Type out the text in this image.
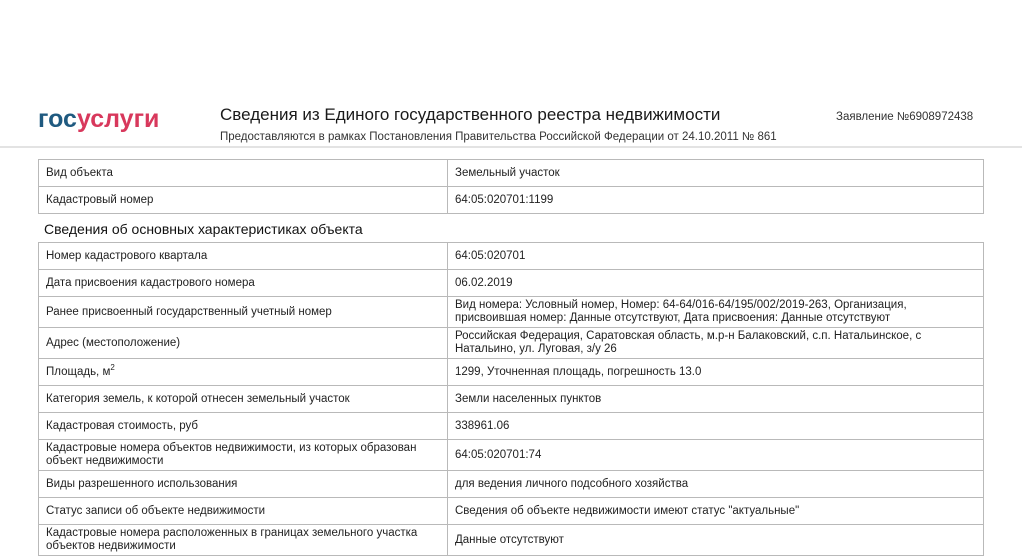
госуслуги	Сведения из Единого государственного реестра недвижимости
Предоставляются в рамках Постановления Правительства Российской Федерации от 24.10.2011 № 861
Заявление №6908972438
Вид объекта	Земельный участок
Кадастровый номер	64:05:020701:1199
Сведения об основных характеристиках объекта
Номер кадастрового квартала	64:05:020701
Дата присвоения кадастрового номера	06.02.2019
Ранее присвоенный государственный учетный номер	Вид номера: Условный номер, Номер: 64-64/016-64/195/002/2019-263, Организация, присвоившая номер: Данные отсутствуют, Дата присвоения: Данные отсутствуют
Адрес (местоположение)	Российская Федерация, Саратовская область, м.р-н Балаковский, с.п. Натальинское, с Натальино, ул. Луговая, з/у 26
Площадь, $м^2$	1299, Уточненная площадь, погрешность 13.0
Категория земель, к которой отнесен земельный участок	Земли населенных пунктов
Кадастровая стоимость, руб	338961.06
Кадастровые номера объектов недвижимости, из которых образован объект недвижимости	64:05:020701:74
Виды разрешенного использования	для ведения личного подсобного хозяйства
Статус записи об объекте недвижимости	Сведения об объекте недвижимости имеют статус "актуальные"
Кадастровые номера расположенных в границах земельного участка объектов недвижимости	Данные отсутствуют
